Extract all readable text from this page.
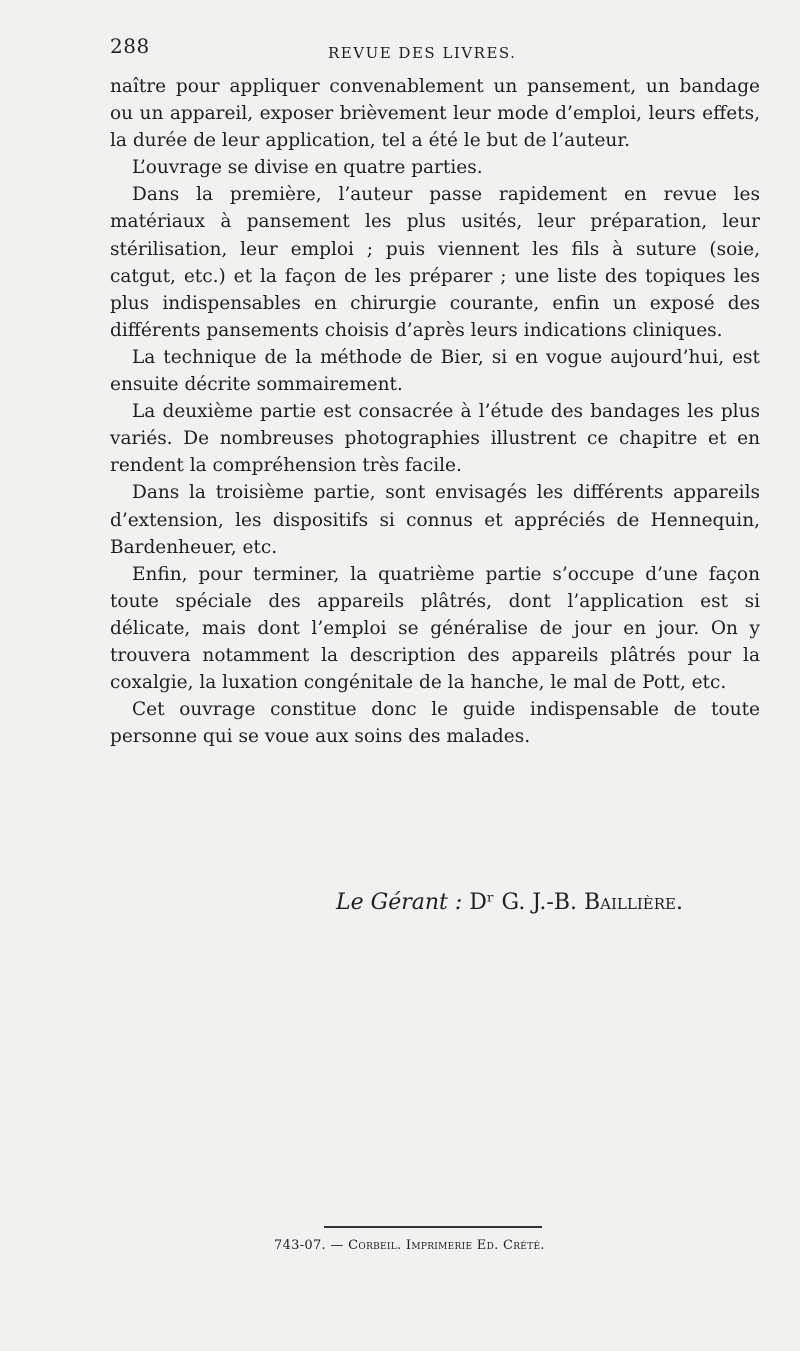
288	REVUE DES LIVRES.

naître pour appliquer convenablement un pansement, un bandage ou un appareil, exposer brièvement leur mode d’emploi, leurs effets, la durée de leur application, tel a été le but de l’auteur.

L’ouvrage se divise en quatre parties.

Dans la première, l’auteur passe rapidement en revue les matériaux à pansement les plus usités, leur préparation, leur stérilisation, leur emploi ; puis viennent les fils à suture (soie, catgut, etc.) et la façon de les préparer ; une liste des topiques les plus indispensables en chirurgie courante, enfin un exposé des différents pansements choisis d’après leurs indications cliniques.

La technique de la méthode de Bier, si en vogue aujourd’hui, est ensuite décrite sommairement.

La deuxième partie est consacrée à l’étude des bandages les plus variés. De nombreuses photographies illustrent ce chapitre et en rendent la compréhension très facile.

Dans la troisième partie, sont envisagés les différents appareils d’extension, les dispositifs si connus et appréciés de Hennequin, Bardenheuer, etc.

Enfin, pour terminer, la quatrième partie s’occupe d’une façon toute spéciale des appareils plâtrés, dont l’application est si délicate, mais dont l’emploi se généralise de jour en jour. On y trouvera notamment la description des appareils plâtrés pour la coxalgie, la luxation congénitale de la hanche, le mal de Pott, etc.

Cet ouvrage constitue donc le guide indispensable de toute personne qui se voue aux soins des malades.

Le Gérant : Dʳ G. J.-B. Baillière.
743-07. — Corbeil. Imprimerie Ed. Crété.
